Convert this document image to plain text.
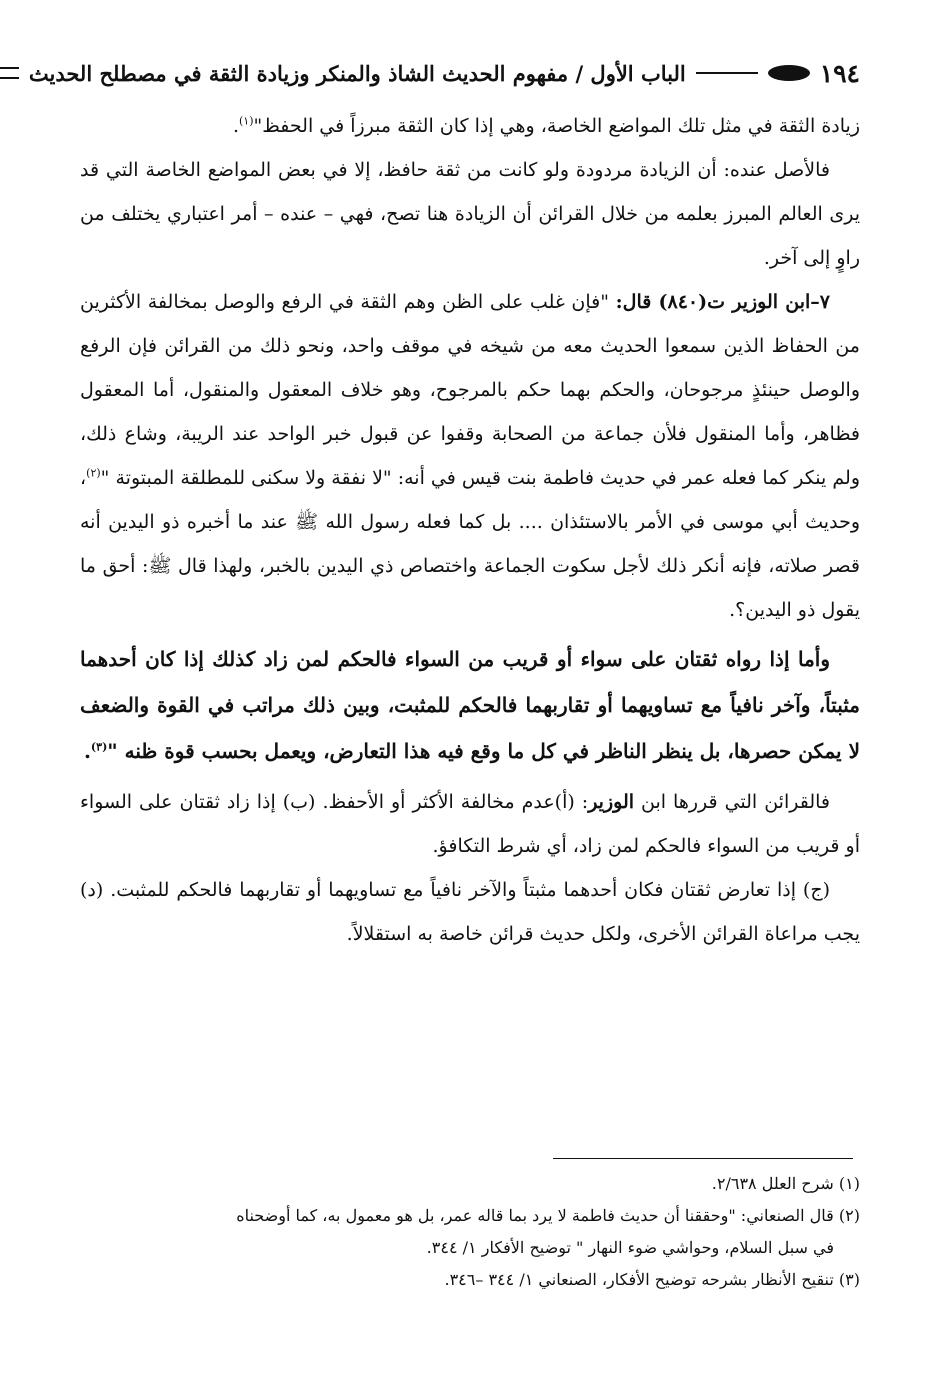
١٩٤
الباب الأول / مفهوم الحديث الشاذ والمنكر وزيادة الثقة في مصطلح الحديث

زيادة الثقة في مثل تلك المواضع الخاصة، وهي إذا كان الثقة مبرزاً في الحفظ"$^{(١)}$.

فالأصل عنده: أن الزيادة مردودة ولو كانت من ثقة حافظ، إلا في بعض المواضع الخاصة التي قد يرى العالم المبرز بعلمه من خلال القرائن أن الزيادة هنا تصح، فهي – عنده – أمر اعتباري يختلف من راوٍ إلى آخر.

٧–ابن الوزير ت(٨٤٠) قال: "فإن غلب على الظن وهم الثقة في الرفع والوصل بمخالفة الأكثرين من الحفاظ الذين سمعوا الحديث معه من شيخه في موقف واحد، ونحو ذلك من القرائن فإن الرفع والوصل حينئذٍ مرجوحان، والحكم بهما حكم بالمرجوح، وهو خلاف المعقول والمنقول، أما المعقول فظاهر، وأما المنقول فلأن جماعة من الصحابة وقفوا عن قبول خبر الواحد عند الريبة، وشاع ذلك، ولم ينكر كما فعله عمر في حديث فاطمة بنت قيس في أنه: "لا نفقة ولا سكنى للمطلقة المبتوتة "$^{(٢)}$، وحديث أبي موسى في الأمر بالاستئذان .... بل كما فعله رسول الله ﷺ عند ما أخبره ذو اليدين أنه قصر صلاته، فإنه أنكر ذلك لأجل سكوت الجماعة واختصاص ذي اليدين بالخبر، ولهذا قال ﷺ: أحق ما يقول ذو اليدين؟.

وأما إذا رواه ثقتان على سواء أو قريب من السواء فالحكم لمن زاد كذلك إذا كان أحدهما مثبتاً، وآخر نافياً مع تساويهما أو تقاربهما فالحكم للمثبت، وبين ذلك مراتب في القوة والضعف لا يمكن حصرها، بل ينظر الناظر في كل ما وقع فيه هذا التعارض، ويعمل بحسب قوة ظنه "$^{(٣)}$.

فالقرائن التي قررها ابن الوزير: (أ)عدم مخالفة الأكثر أو الأحفظ. (ب) إذا زاد ثقتان على السواء أو قريب من السواء فالحكم لمن زاد، أي شرط التكافؤ.

(ج) إذا تعارض ثقتان فكان أحدهما مثبتاً والآخر نافياً مع تساويهما أو تقاربهما فالحكم للمثبت. (د) يجب مراعاة القرائن الأخرى، ولكل حديث قرائن خاصة به استقلالاً.

(١) شرح العلل ٢/٦٣٨.

(٢) قال الصنعاني: "وحققنا أن حديث فاطمة لا يرد بما قاله عمر، بل هو معمول به، كما أوضحناه

في سبل السلام، وحواشي ضوء النهار " توضيح الأفكار ١/ ٣٤٤.

(٣) تنقيح الأنظار بشرحه توضيح الأفكار، الصنعاني ١/ ٣٤٤ –٣٤٦.
